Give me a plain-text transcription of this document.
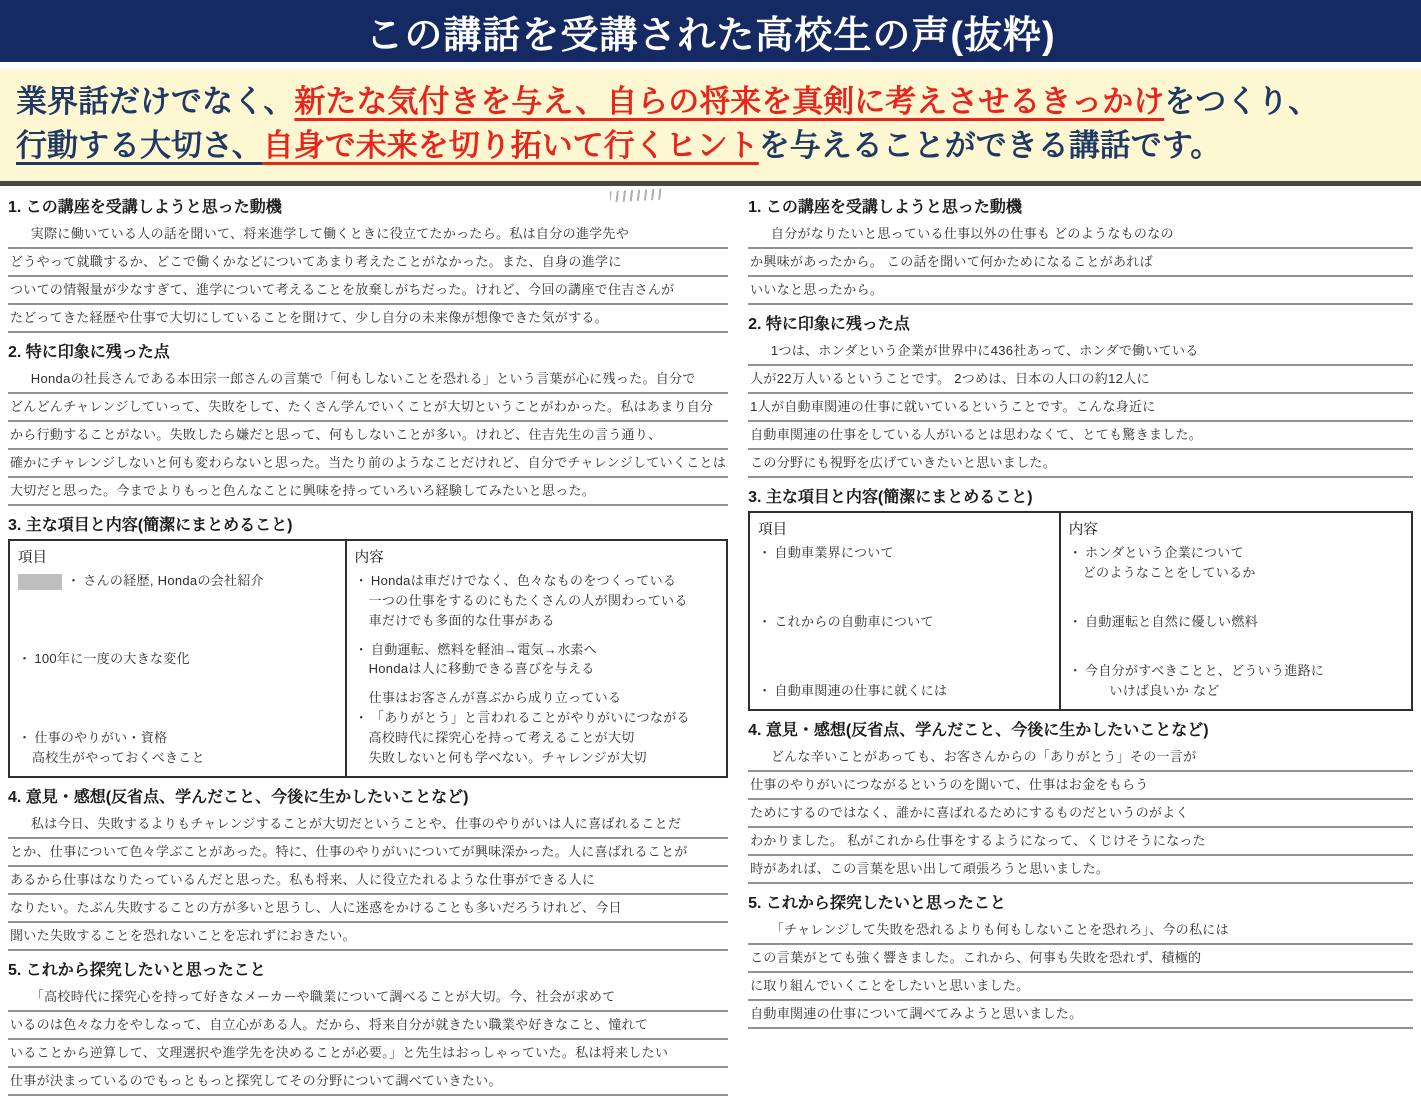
この講話を受講された高校生の声(抜粋)
業界話だけでなく、新たな気付きを与え、自らの将来を真剣に考えさせるきっかけをつくり、
行動する大切さ、自身で未来を切り拓いて行くヒントを与えることができる講話です。
1. この講座を受講しようと思った動機
実際に働いている人の話を聞いて、将来進学して働くときに役立てたかったら。私は自分の進学先や
どうやって就職するか、どこで働くかなどについてあまり考えたことがなかった。また、自身の進学に
ついての情報量が少なすぎて、進学について考えることを放棄しがちだった。けれど、今回の講座で住吉さんが
たどってきた経歴や仕事で大切にしていることを聞けて、少し自分の未来像が想像できた気がする。
2. 特に印象に残った点
Hondaの社長さんである本田宗一郎さんの言葉で「何もしないことを恐れる」という言葉が心に残った。自分で
どんどんチャレンジしていって、失敗をして、たくさん学んでいくことが大切ということがわかった。私はあまり自分
から行動することがない。失敗したら嫌だと思って、何もしないことが多い。けれど、住吉先生の言う通り、
確かにチャレンジしないと何も変わらないと思った。当たり前のようなことだけれど、自分でチャレンジしていくことは
大切だと思った。今までよりもっと色んなことに興味を持っていろいろ経験してみたいと思った。
3. 主な項目と内容(簡潔にまとめること)
項目
・ さんの経歴, Hondaの会社紹介
・ 100年に一度の大きな変化
・ 仕事のやりがい・資格
高校生がやっておくべきこと
内容
・ Hondaは車だけでなく、色々なものをつくっている
一つの仕事をするのにもたくさんの人が関わっている
車だけでも多面的な仕事がある
・ 自動運転、燃料を軽油→電気→水素へ
Hondaは人に移動できる喜びを与える
仕事はお客さんが喜ぶから成り立っている
・ 「ありがとう」と言われることがやりがいにつながる
高校時代に探究心を持って考えることが大切
失敗しないと何も学べない。チャレンジが大切
4. 意見・感想(反省点、学んだこと、今後に生かしたいことなど)
私は今日、失敗するよりもチャレンジすることが大切だということや、仕事のやりがいは人に喜ばれることだ
とか、仕事について色々学ぶことがあった。特に、仕事のやりがいについてが興味深かった。人に喜ばれることが
あるから仕事はなりたっているんだと思った。私も将来、人に役立たれるような仕事ができる人に
なりたい。たぶん失敗することの方が多いと思うし、人に迷惑をかけることも多いだろうけれど、今日
聞いた失敗することを恐れないことを忘れずにおきたい。
5. これから探究したいと思ったこと
「高校時代に探究心を持って好きなメーカーや職業について調べることが大切。今、社会が求めて
いるのは色々な力をやしなって、自立心がある人。だから、将来自分が就きたい職業や好きなこと、憧れて
いることから逆算して、文理選択や進学先を決めることが必要。」と先生はおっしゃっていた。私は将来したい
仕事が決まっているのでもっともっと探究してその分野について調べていきたい。
1. この講座を受講しようと思った動機
自分がなりたいと思っている仕事以外の仕事も どのようなものなの
か興味があったから。 この話を聞いて何かためになることがあれば
いいなと思ったから。
2. 特に印象に残った点
1つは、ホンダという企業が世界中に436社あって、ホンダで働いている
人が22万人いるということです。 2つめは、日本の人口の約12人に
1人が自動車関連の仕事に就いているということです。こんな身近に
自動車関連の仕事をしている人がいるとは思わなくて、とても驚きました。
この分野にも視野を広げていきたいと思いました。
3. 主な項目と内容(簡潔にまとめること)
項目
・ 自動車業界について
・ これからの自動車について
・ 自動車関連の仕事に就くには
内容
・ ホンダという企業について
どのようなことをしているか
・ 自動運転と自然に優しい燃料
・ 今自分がすべきことと、どういう進路に
　　いけば良いか など
4. 意見・感想(反省点、学んだこと、今後に生かしたいことなど)
どんな辛いことがあっても、お客さんからの「ありがとう」その一言が
仕事のやりがいにつながるというのを聞いて、仕事はお金をもらう
ためにするのではなく、誰かに喜ばれるためにするものだというのがよく
わかりました。 私がこれから仕事をするようになって、くじけそうになった
時があれば、この言葉を思い出して頑張ろうと思いました。
5. これから探究したいと思ったこと
「チャレンジして失敗を恐れるよりも何もしないことを恐れろ」、今の私には
この言葉がとても強く響きました。これから、何事も失敗を恐れず、積極的
に取り組んでいくことをしたいと思いました。
自動車関連の仕事について調べてみようと思いました。
